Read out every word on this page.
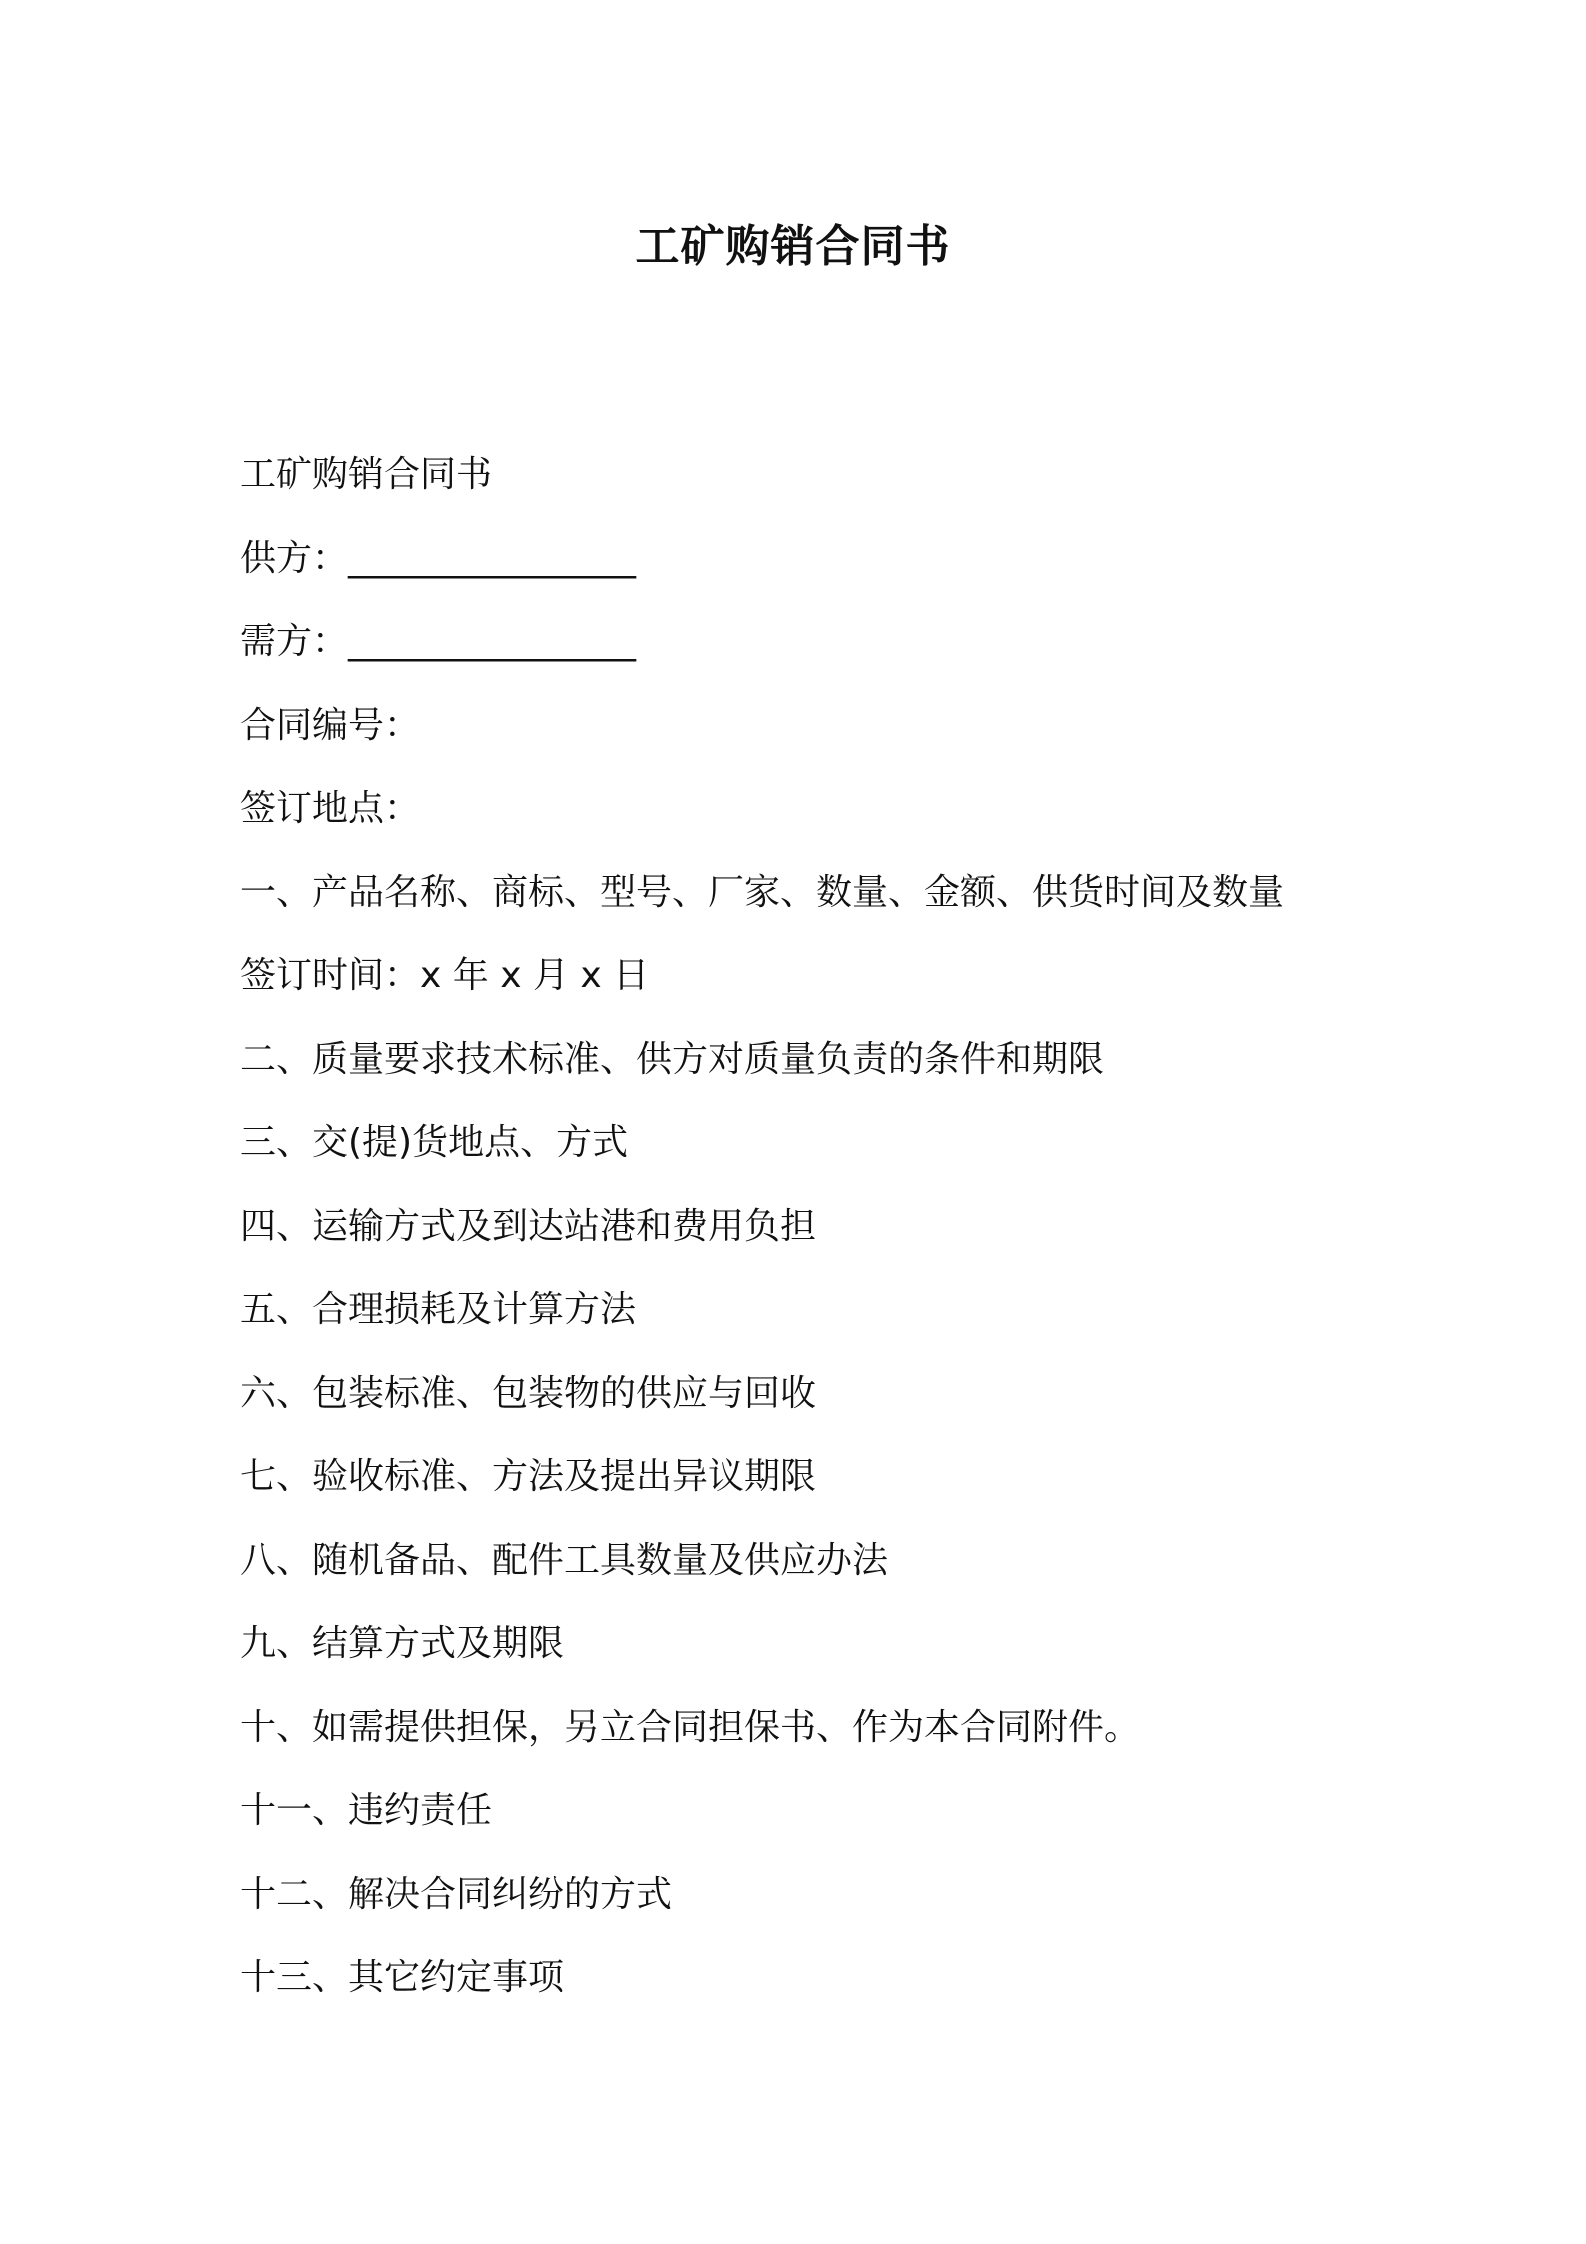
工矿购销合同书
工矿购销合同书
供方：________________
需方：________________
合同编号：
签订地点：
一、产品名称、商标、型号、厂家、数量、金额、供货时间及数量
签订时间：x 年 x 月 x 日
二、质量要求技术标准、供方对质量负责的条件和期限
三、交(提)货地点、方式
四、运输方式及到达站港和费用负担
五、合理损耗及计算方法
六、包装标准、包装物的供应与回收
七、验收标准、方法及提出异议期限
八、随机备品、配件工具数量及供应办法
九、结算方式及期限
十、如需提供担保，另立合同担保书、作为本合同附件。
十一、违约责任
十二、解决合同纠纷的方式
十三、其它约定事项
